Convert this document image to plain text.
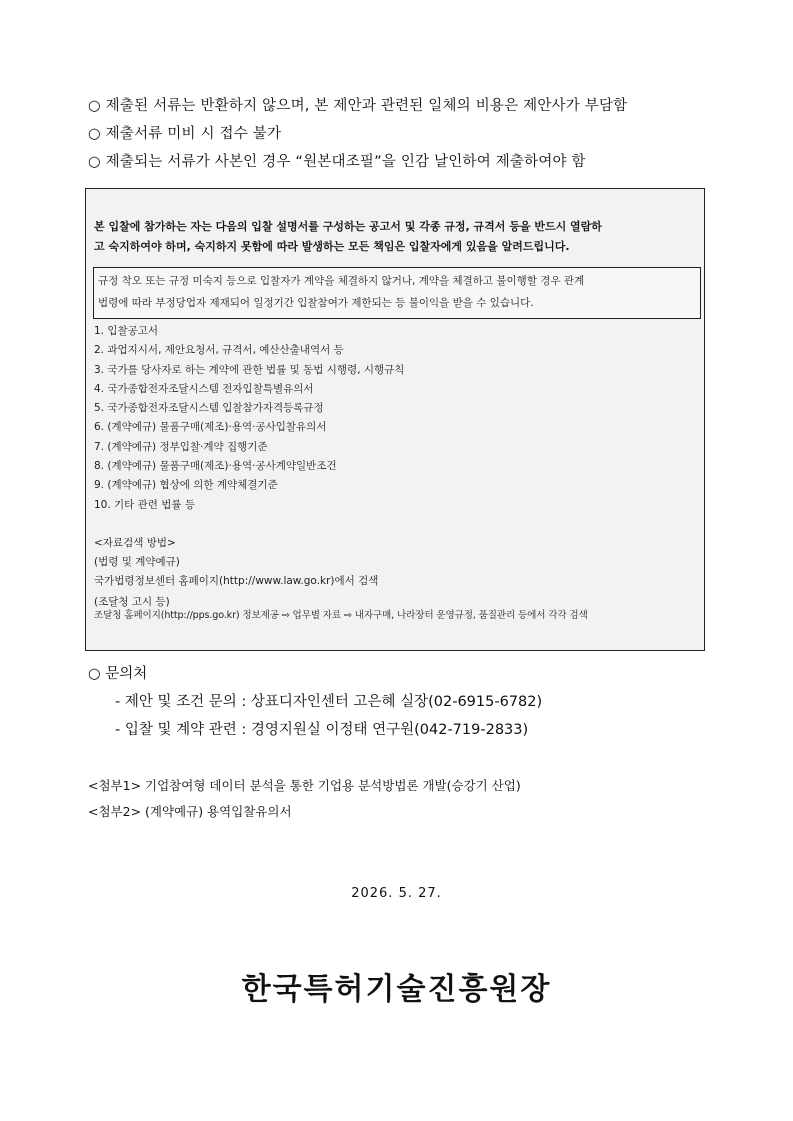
○ 제출된 서류는 반환하지 않으며, 본 제안과 관련된 일체의 비용은 제안사가 부담함
○ 제출서류 미비 시 접수 불가
○ 제출되는 서류가 사본인 경우 “원본대조필”을 인감 날인하여 제출하여야 함
본 입찰에 참가하는 자는 다음의 입찰 설명서를 구성하는 공고서 및 각종 규정, 규격서 등을 반드시 열람하
고 숙지하여야 하며, 숙지하지 못함에 따라 발생하는 모든 책임은 입찰자에게 있음을 알려드립니다.
규정 착오 또는 규정 미숙지 등으로 입찰자가 계약을 체결하지 않거나, 계약을 체결하고 불이행할 경우 관계
법령에 따라 부정당업자 제재되어 일정기간 입찰참여가 제한되는 등 불이익을 받을 수 있습니다.
1. 입찰공고서
2. 과업지시서, 제안요청서, 규격서, 예산산출내역서 등
3. 국가를 당사자로 하는 계약에 관한 법률 및 동법 시행령, 시행규칙
4. 국가종합전자조달시스템 전자입찰특별유의서
5. 국가종합전자조달시스템 입찰참가자격등록규정
6. (계약예규) 물품구매(제조)·용역·공사입찰유의서
7. (계약예규) 정부입찰·계약 집행기준
8. (계약예규) 물품구매(제조)·용역·공사계약일반조건
9. (계약예규) 협상에 의한 계약체결기준
10. 기타 관련 법률 등
<자료검색 방법>
(법령 및 계약예규)
국가법령정보센터 홈페이지(http://www.law.go.kr)에서 검색
(조달청 고시 등)
조달청 홈페이지(http://pps.go.kr) 정보제공 ⇨ 업무별 자료 ⇨ 내자구매, 나라장터 운영규정, 품질관리 등에서 각각 검색
○ 문의처
- 제안 및 조건 문의 : 상표디자인센터 고은혜 실장(02-6915-6782)
- 입찰 및 계약 관련 : 경영지원실 이정태 연구원(042-719-2833)
<첨부1> 기업참여형 데이터 분석을 통한 기업용 분석방법론 개발(승강기 산업)
<첨부2> (계약예규) 용역입찰유의서
2026. 5. 27.
한국특허기술진흥원장
